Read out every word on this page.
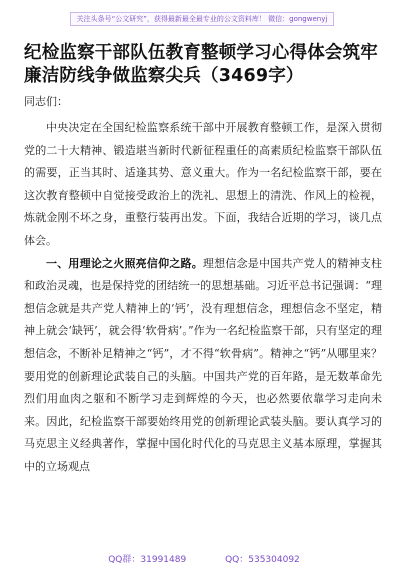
关注头条号“公文研究”，获得最新最全最专业的公文资料库！ 微信：gongwenyj
纪检监察干部队伍教育整顿学习心得体会筑牢廉洁防线争做监察尖兵（3469字）
同志们：

中央决定在全国纪检监察系统干部中开展教育整顿工作，是深入贯彻党的二十大精神、锻造堪当新时代新征程重任的高素质纪检监察干部队伍的需要，正当其时、适逢其势、意义重大。作为一名纪检监察干部，要在这次教育整顿中自觉接受政治上的洗礼、思想上的清洗、作风上的检视，炼就金刚不坏之身，重整行装再出发。下面，我结合近期的学习，谈几点体会。

一、用理论之火照亮信仰之路。理想信念是中国共产党人的精神支柱和政治灵魂，也是保持党的团结统一的思想基础。习近平总书记强调：“理想信念就是共产党人精神上的‘钙’，没有理想信念，理想信念不坚定，精神上就会‘缺钙’，就会得‘软骨病’。”作为一名纪检监察干部，只有坚定的理想信念，不断补足精神之“钙”，才不得“软骨病”。精神之“钙”从哪里来？要用党的创新理论武装自己的头脑。中国共产党的百年路，是无数革命先烈们用血肉之躯和不断学习走到辉煌的今天，也必然要依靠学习走向未来。因此，纪检监察干部要始终用党的创新理论武装头脑。要认真学习的马克思主义经典著作，掌握中国化时代化的马克思主义基本原理，掌握其中的立场观点

QQ群：31991489	QQ：535304092
